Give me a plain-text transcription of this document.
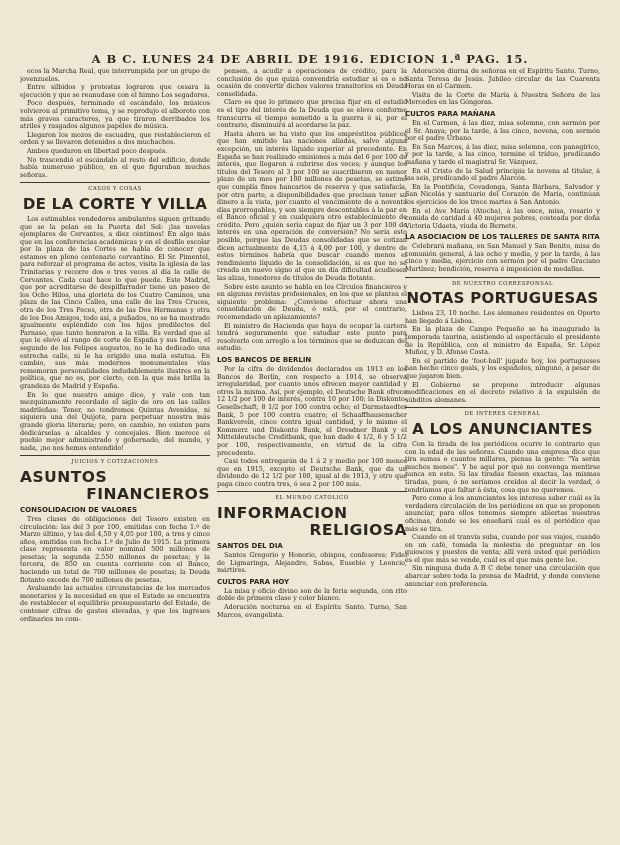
A B C. LUNES 24 DE ABRIL DE 1916. EDICION 1.ª PAG. 15.

ecos la Marcha Real, que interrumpida por un grupo de jovenzuelos.

Entre silbidos y protestas lograron que cesara la ejecución y que se reanudase con el himno Los segadores.

Poco después, terminado el escándalo, los músicos volvieron al primitivo tema, y se reprodujo el alboroto con más graves caracteres, ya que tiraron derribados los atriles y rasgados algunos papeles de música.

Llegaron los mozos de escuadra, que restablecieron el orden y se llevaron detenidos a dos muchachos.

Ambos quedaron en libertad poco después.

No trascendió el escándalo al resto del edificio, donde había numeroso público, en el que figuraban muchas señoras.

CASOS Y COSAS
DE LA CORTE Y VILLA

Los estimables vendedores ambulantes siguen gritando que se la pelan en la Puerta del Sol: ¡las novelas ejemplares de Cervantes, a diez céntimos! En algo más que en las conferencias académicas y en el desfile escolar por la plaza de las Cortes se habla de conocer que estamos en pleno centenario cervantino. El Sr. Pimentel, para reforzar el programa de actos, visita la iglesia de las Trinitarias y recorre dos o tres veces al día la calle de Cervantes. Cada cual hace lo que puede. Este Madrid, que por acreditarse de despilfarrador tiene un paseo de los Ocho Hilos, una glorieta de los Cuatro Caminos, una plaza de las Cinco Calles, una calle de las Tres Cruces, otra de los Tres Peces, otra de las Dos Hermanas y otra de los Dos Amigos, todo así, a puñados, no se ha mostrado igualmente espléndido con los hijos predilectos del Parnaso, que tanto honraron a la villa. Es verdad que al que le elevó al rango de corte de España y sus Indias, el segundo de los Felipes augustos, no le ha dedicado una estrecha calle, ni le ha erigido una mala estatua. En cambio, sus más modernos monumentales vías rememoran personalidades indudablemente ilustres en la política, que no es, por cierto, con la que más brilla la grandeza de Madrid y España.

En lo que nuestro amigo dice, y vale con tan mezquinamente recordado el siglo de oro en las calles madrileñas: Tener, no tendremos Quintas Avenidas, ni siquiera una del Quijote, para perpetuar nuestra más grande gloria literaria; pero, en cambio, no existen para dedicárselas a alcaldes y concejales. Bien merece el pueblo mejor administrado y gobernado, del mundo, y nada, ¡no nos hemos entendido!

JUICIOS Y COTIZACIONES
ASUNTOS
FINANCIEROS
CONSOLIDACION DE VALORES

Tres clases de obligaciones del Tesoro existen en circulación: las del 3 por 100, emitidas con fecha 1.º de Marzo último, y las del 4,50 y 4,05 por 100, a tres y cinco años, emitidas con fecha 1.º de Julio de 1915. La primera clase representa en valor nominal 500 millones de pesetas; la segunda 2.550 millones de pesetas; y la tercera, de 850 en cuenta corriente con el Banco, haciendo un total de 700 millones de pesetas; la Deuda flotante excede de 700 millones de pesetas.

Avaluando las actuales circunstancias de los mercados monetarios y la necesidad en que el Estado se encuentra de restablecer el equilibrio presupuestario del Estado, de contener cifras de gastos elevadas, y que los ingresos ordinarios no com-

pensen, a acudir a operaciones de crédito, para la conclusión de que quizá convendría estudiar si es o no ocasión de convertir dichos valores transitorios en Deuda consolidada.

Claro es que lo primero que precisa fijar en el estudio es el tipo del interés de la Deuda que se eleva conforme transcurra el tiempo sometido a la guerra ó si, por el contrario, disminuirá al acordarse la paz.

Hasta ahora se ha visto que los empréstitos públicos que han emitido las naciones aliadas, salvo alguna excepción, un interés líquido superior al precedente. En España se han realizado emisiones a más del 6 por 100 de interés, que llegaron á cubrirse dos veces; y aunque los títulos del Tesoro al 3 por 100 se suscribieron en menor plazo de un mes por 100 millones de pesetas, se estimó que cumplía fines bancarios de reserva y que satisfacía, por otra parte, a disponibilidades que precisan tener su dinero a la vista, por cuanto el vencimiento de a noventa días prorrogables, y son siempre descontables á la par en el Banco oficial y en cualquiera otro establecimiento de crédito. Pero ¿quién sería capaz de fijar un 3 por 100 de interés en una operación de conversión? No sería esto posible, porque las Deudas consolidadas que se cotizan dicen actualmente de 4,15 á 4,00 por 100, y dentro de estos términos habría que buscar cuando menos el rendimiento líquido de la consolidación, si es que no se creada un nuevo signo al que un día dificultad acudiesen las alzas, tenedores de títulos de Deuda flotante.

Sobre este asunto se habla en los Círculos financieros y en algunas revistas profesionales, en los que se plantea el siguiente problema: ¿Conviene efectuar ahora una consolidación de Deuda, ó está, por el contrario, recomendado un aplazamiento?

El ministro de Hacienda que haya de ocupar la cartera tendrá seguramente que estudiar este punto para resolverlo con arreglo a los términos que se deduzcan del estudio.

LOS BANCOS DE BERLIN

Por la cifra de dividendos declarados en 1913 en los Bancos de Berlín, con respecto a 1914, se observa irregularidad, por cuanto unos ofrecen mayor cantidad y otros la misma. Así, por ejemplo, el Deutsche Bank ofrece 12 1/2 por 100 de interés, contra 10 por 100; la Diskonto-Gesellschaft, 8 1/2 por 100 contra ocho; el Darmstaedter Bank, 5 por 100 contra cuatro; el Schaaffhausenscher Bankverein, cinco contra igual cantidad, y lo mismo el Kommerz und Diskonto Bank, el Dresdner Bank y el Mitteldeutsche Creditbank, que han dado 4 1/2, 6 y 5 1/2 por 100, respectivamente, en virtud de la cifra precedente.

Casi todos entregarán de 1 á 2 y medio por 100 menos que en 1915, excepto el Deutsche Bank, que da un dividendo de 12 1/2 por 100, igual al de 1913, y otro que paga cinco contra tres, ó sea 2 por 100 más.

EL MUNDO CATOLICO
INFORMACION
RELIGIOSA
SANTOS DEL DIA

Santos Gregorio y Honorio, obispos, confesores; Fidel de Ligmaringa, Alejandro, Sabas, Eusebio y Leoncio, mártires.

CULTOS PARA HOY

La misa y oficio divino son de la feria segunda, con rito doble de primera clase y color blanco.

Adoración nocturna en el Espíritu Santo. Turno, San Marcos, evangelista.

Adoración diurna de señoras en el Espíritu Santo. Turno, Santa Teresa de Jesús. Jubileo circular de las Cuarenta Horas en el Carmen.

Visita de la Corte de María à Nuestra Señora de las Mercedes en las Góngoras.

CULTOS PARA MAÑANA

En el Carmen, á las diez, misa solemne, con sermón por el Sr. Anaya; por la tarde, á las cinco, novena, con sermón por el padre Urbano.

En San Marcos, á las diez, misa solemne, con panegírico, y por la tarde, a las cinco, termine el triduo, predicando mañana y tarde el magistral Sr. Vázquez.

En el Cristo de la Salud principia la novena al titular, á las seis, predicando el padre Alarcón.

En la Pontificia, Covadonga, Santa Bárbara, Salvador y San Nicolás y santuario del Corazón de María, continúan los ejercicios de los trece martes á San Antonio.

En el Ave María (Atocha), á las once, misa, rosario y comida de caridad á 40 mujeres pobres, costeada por doña Victoria Udaeta, viuda de Bernete.

LA ASOCIACION DE LOS TALLERES DE SANTA RITA

Celebrará mañana, en San Manuel y San Benito, misa de comunión general, á las ocho y media, y por la tarde, á las cinco y media, ejercicio con sermón por el padre Graciano Martínez; bendición, reserva é imposición de medallas.

DE NUESTRO CORRESPONSAL
NOTAS PORTUGUESAS

Lisboa 23, 10 noche. Los alemanes residentes en Oporto han llegado á Lisboa.

En la plaza de Campo Pequeño se ha inaugurado la temporada taurina, asistiendo al espectáculo el presidente de la República, con el ministro de España, Sr. López Muñoz, y D. Afonso Costa.

En el partido de 'foot-ball' jugado hoy, los portugueses han hecho cinco goals, y los españoles, ninguno, á pesar de que jugaron bien.

El Gobierno se propone introducir algunas modificaciones en el decreto relativo á la expulsión de súbditos alemanes.

DE INTERES GENERAL
A LOS ANUNCIANTES

Con la tirada de los periódicos ocurre lo contrario que con la edad de las señoras. Cuando una empresa dice que tira sumas o cuantos millares, piensa la gente: "Ya serán muchos menos". Y he aquí por qué no convenga mentirse nunca en esto. Si las tiradas fuesen exactas, las mismas tiradas, pues, ó no seríamos creídos al decir la verdad, ó tendríamos que faltar á ésta, cosa que no queremos.

Pero como á los anunciantes les interesa saber cuál es la verdadera circulación de los periódicos en que se proponen anunciar, para ellos tenemos siempre abiertas nuestras oficinas, donde se les enseñará cuál es el periódico que más se tira.

Cuando en el tranvía suba, cuando por sus viajes, cuando en un café, tomada la molestia de preguntar en los quioscos y puestos de venta; allí verá usted qué periódico es el que más se vende, cuál es el que más gente lee.

Sin ninguna duda A B C debe tener una circulación que abarcar sobre toda la prensa de Madrid, y donde conviene anunciar con preferencia.
